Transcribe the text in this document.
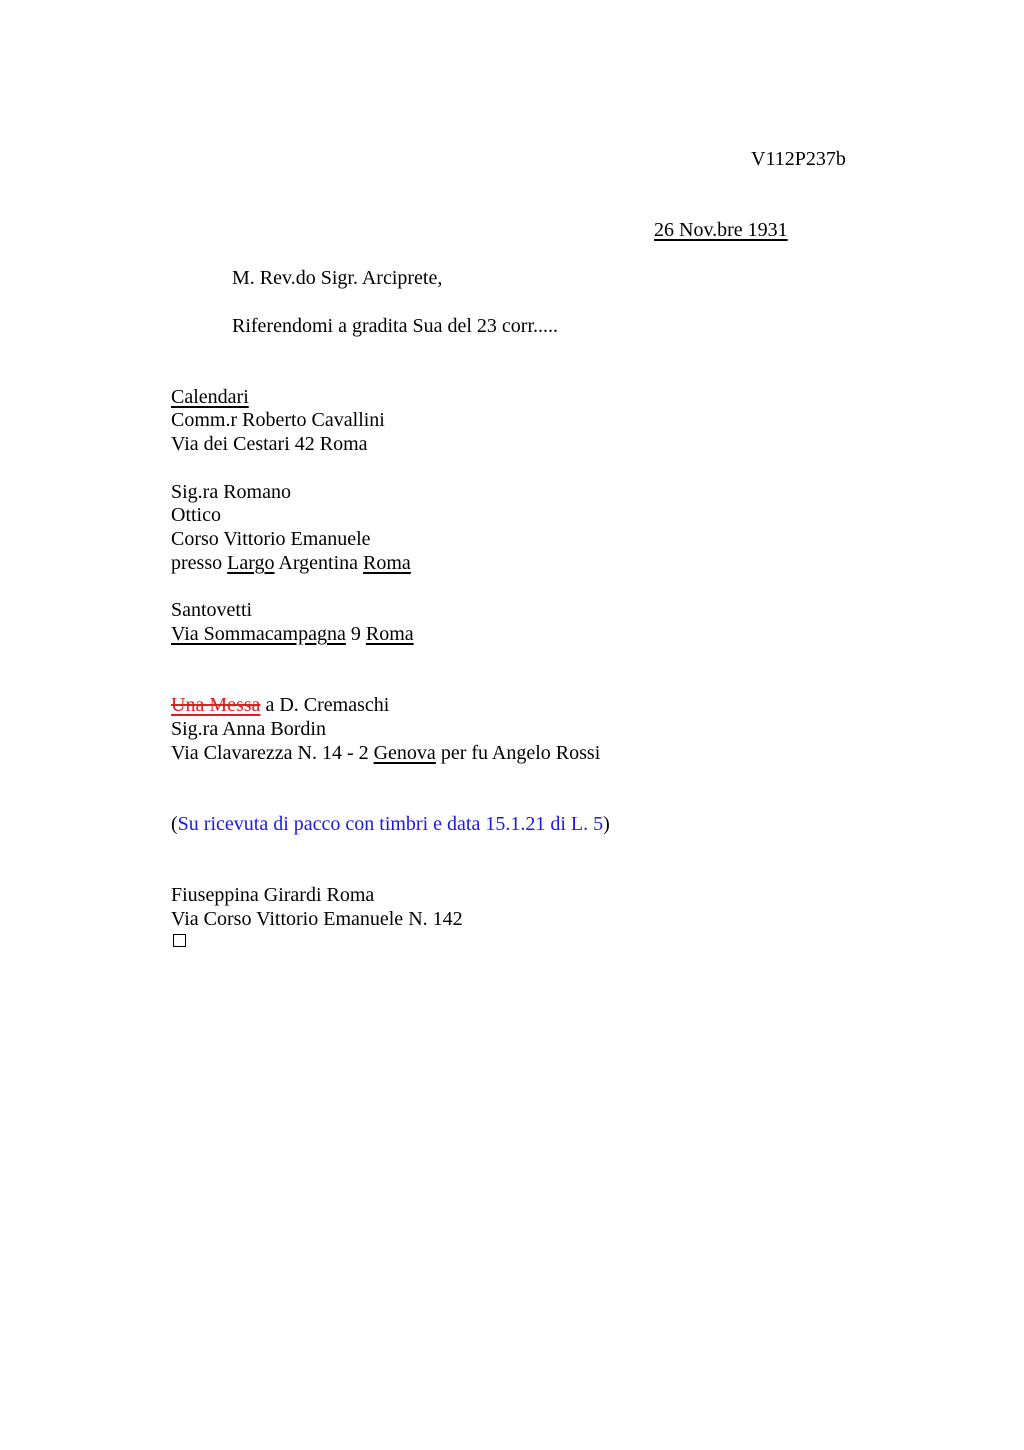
V112P237b
26 Nov.bre 1931
M. Rev.do Sigr. Arciprete,
Riferendomi a gradita Sua del 23 corr.....
Calendari
Comm.r Roberto Cavallini
Via dei Cestari 42 Roma
Sig.ra Romano
Ottico
Corso Vittorio Emanuele
presso Largo Argentina Roma
Santovetti
Via Sommacampagna 9 Roma
Una Messa a D. Cremaschi
Sig.ra Anna Bordin
Via Clavarezza N. 14 - 2 Genova per fu Angelo Rossi
(Su ricevuta di pacco con timbri e data 15.1.21 di L. 5)
Fiuseppina Girardi Roma
Via Corso Vittorio Emanuele N. 142
